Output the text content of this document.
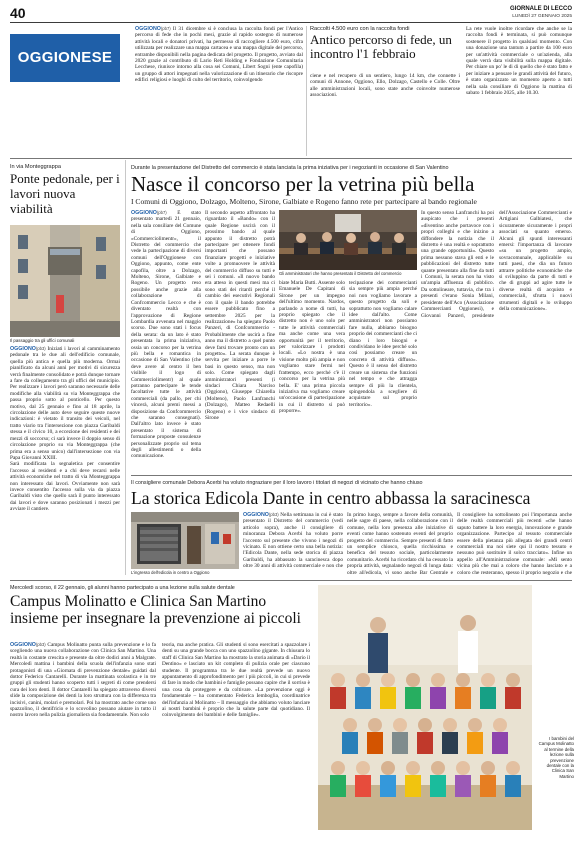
40	GIORNALE DI LECCO
LUNEDÌ 27 GENNAIO 2025
OGGIONESE
OGGIONO(pb7) Il 31 dicembre si è conclusa la raccolta fondi per l'Antico percorso di fede che in pochi mesi, grazie al rapido sostegno di numerose attività locali e donatori privati, ha permesso di raccogliere 4.500 euro, cifra utilizzata per realizzare una mappa cartacea e una mappa digitale del percorso, entrambe disponibili nella pagina dedicata del progetto. Il progetto, avviato dal 2020 grazie al contributo di Lario Reti Holding e Fondazione Comunitaria Lecchese, riunisce intorno alla cosa sei Comuni, Libert Sogni (ente capofila) un gruppo di attori impegnati nella valorizzazione di un itinerario che riscopre edifici religiosi e luoghi di culto del territorio, coinvolgendo
Raccolti 4.500 euro con la raccolta fondi
Antico percorso di fede, un incontro l'1 febbraio
ciene e nel recupero di un sentiero, lungo 14 km, che connette i comuni di Annone, Oggiono, Ello, Dolzago, Castello e Colle. Oltre alle amministrazioni locali, sono state anche coinvolte numerose associazioni.
La rete vuole inoltre ricordare che anche se la raccolta fondi è terminata, si può comunque sostenere il progetto in qualsiasi momento. Con una donazione una tantum a partire da 100 euro per un'attività commerciale o un'azienda, alla quale verrà data visibilità sulla mappa digitale. Per chiare un po' le di di quello che è stato fatto e per iniziare a pensare le grandi attività del futuro, è stato organizzato un momento aperto a tutti nella sala consiliare di Oggiono la mattina di sabato 1 febbraio 2025, alle 10.30.
In via Monteggrappa
Ponte pedonale, per i lavori nuova viabilità
Il passaggio tra gli uffici comunali
OGGIONO(pb3) Iniziati i lavori al camminamento pedonale tra le due ali dell'edificio comunale, quella più antica e quella più moderna. Ormai pianificato da alcuni anni per motivi di sicurezza verrà finalmente consolidato e potrà dunque tornare a fare da collegamento tra gli uffici del municipio. Per realizzare i lavori però saranno necessarie delle modifiche alla viabilità su via Monteggrappa che passa proprio sotto al ponticello. Per questo motivo, dal 25 gennaio e fino al 18 aprile, la circolazione delle auto deve seguire queste nuove indicazioni: è vietato il transito dei veicoli, nel tratto viario tra l'intersezione con piazza Garibaldi stessa e il civico 10, a eccezione dei residenti e dei mezzi di soccorso; ci sarà invece il doppio senso di circolazione proprio su via Monteggrappa (che prima era a senso unico) dall'intersezione con via Papa Giovanni XXIII.
Sarà modificata la segnaletica per consentire l'accesso ai residenti e a chi deve recarsi nelle attività economiche nel tratto di via Monteggrappa non interessato dai lavori. Ovviamente non sarà invece consentito l'accesso sulla via da piazza Garibaldi visto che quello sarà il punto interessato dai lavori e dove saranno posizionati i mezzi per avviare il cantiere.
Durante la presentazione del Distretto del commercio è stata lanciata la prima iniziativa per i negozianti in occasione di San Valentino
Nasce il concorso per la vetrina più bella
I Comuni di Oggiono, Dolzago, Molteno, Sirone, Galbiate e Rogeno fanno rete per partecipare al bando regionale
OGGIONO(pb7) È stato presentato martedì 21 gennaio, nella sala consiliare del Comune di Oggiono, «Commerciolimentr», il Distretto del commercio che vede la partecipazione di diversi comuni dell'Oggionese con Oggiono, appunto, come ente capofila, oltre a Dolzago, Molteno, Sirone, Galbiate e Rogeno. Un progetto reso possibile anche grazie alla collaborazione di Confcommercio Lecco e che è diventato realtà con l'approvazione di Regione Lombardia avvenuta nel maggio scorso. Due sono stati i focus della serata: da un lato è stato presentata la prima iniziativa, ossia un concorso per la vetrina più bella e romantica in occasione di San Valentino (che deve avere al centro il ben visibile il logo di Commerciolimentr) al quale potranno partecipare le tende facoltative tutte le attività commerciali (da pallo, per chi vincerà, alcuni premi messi a disposizione da Confcommercio che saranno consegnati). Dall'altro lato invece è stato presentato il sistema di formazione proposte consulenze personalizzate proprio sul tema degli allestimenti o della comunicazione.
Il secondo aspetto affrontato ha riguardato il «Bando» con il quale Regione uscirà con il prossimo bando al quale appunto il distretto potrà partecipare per ottenere fondi importanti che possano finanziare progetti e iniziative volte a promuovere le attività del commercio diffuso su tutti e sei i comuni. «Il nuovo bando era atteso in questi mesi ma ci sono stati dei ritardi perché il cambio dei esecutivi Regionali con il quale il bando potrebbe essere pubblicato fino a settembre 2025 per la realizzazione» ha spiegato Paolo Panzeri, di Confcommercio - Probabilmente che uscirà a fine anno ma il distretto a quel punto deve farsi trovare pronto con un progetto». La serata dunque è servita per iniziare a porre le basi in questo senso, ma non solo. Come spiegato dagli amministratori presenti (i sindaci Chiara Narciso (Oggiono), Giuseppe Chiarella (Molteno), Paolo Lanfranchi (Dolzago), Matteo Redaelli (Rogeno) e i vice sindaco di Sirone
Gli amministratori che hanno presentato il Distretto del commercio
biate Maria Butti. Assente solo Emanuele De Capitani di Sirone per un impegno dell'ultimo momento. Nardos, parlando a nome di tutti, ha proprio spiegato che il distretto non è uno solo per tutte le attività commerciali ma anche come una vera opportunità per il territorio, per valorizzare i prodotti locali. «Lo nostra è una visione molto più ampia e non vogliamo stare fermi nel frattempo, ecco perché c'è il concorso per la vetrina più bella. E' una prima piccola iniziativa ma vogliamo creare un'occasione di partecipazione in cui il distretto si può proporre».
tecipazione dei commercianti sia sempre più ampia perché noi non vogliamo lavorare a questo progetto da soli e soprattutto non vogliamo calare idee dall'alto. Come amministratori non possiamo fare nulla, abbiamo bisogno proprio dei commercianti che ci diano i loro bisogni e condividano le idee perché solo così possiamo creare un concreto di attività diffuso». Questo è il senso del distretto creare un sistema che funzioni nel tempo e che attragga sempre di più la clientela, spingendola a scegliere di acquistare sul proprio territorio».
In questo senso Lanfranchi ha poi auspicato che i presenti «diventino anche portavoce con i propri colleghi e che inizino a diffondere la notizia che il distretto è una realtà e soprattutto una grande opportunità». Questo prima nessuno stava gli enti e le pubblicazioni del distretto tutte quante presentato alla fine da tutti i Comuni, la serata non ha visto un'ampia affluenza di pubblico. Da sottolineare, tuttavia, che tra i presenti c'erano Sonia Milani, presidente dell'Aco (Associazione Commercianti Oggionesi), e Giovanni Panzeri, presidente dell'Associazione Commercianti e Artigiani Galbiatesi, che sicuramente sicuramente i propri associati su quanto emerso. Alcuni gli spunti interessanti emersi: l'importanza di lavorare «su un progetto ampio, sovracomunale, applicabile su tutti paesi, che dia un futuro attrarre politiche economiche che si sviluppino da parte di tutti e che di gruppi ad agire tutte le diverse realtà di acquisto e commerciali, sfrutta i nuovi strumenti digitali e lo sviluppo della comunicazione».
Il consigliere comunale Debora Acerbi ha voluto ringraziare per il loro lavoro i titolari di negozi di vicinato che hanno chiuso
La storica Edicola Dante in centro abbassa la saracinesca
L'ingresso dell'edicola in centro a Oggiono
OGGIONO(pb3) Nella settimana in cui è stato presentato il Distretto del commercio (vedi articolo sopra), anche il consigliere di minoranza Debora Acerbi ha voluto porre l'accento sul presente che vivono i negozi di vicinato. E non ottiene certo una bella notizia: l'Edicola Dante, nella sede storica di piazza Garibaldi, ha abbassato la saracinesca dopo oltre 30 anni di attività commerciale e non che
In primo luogo, sempre a favore della comunità, nelle sagre di paese, nella collaborazione con il comune, nella loro presenza alle iniziative di eventi come hanno sostenuto eventi del proprio progetto del commercio. Sempre presenti di fatto un semplice chiosco, quella ricchissima e benefica del tessuto sociale, particolarmente comunitario. Acerbi ha ricordato chi ha cessato la propria attività, segnalando negozi di lunga data: oltre all'edicola, vi sono anche Bar Centrale e
Il consigliere ha sottolineato poi l'importanza anche delle realtà commerciali più recenti «che hanno saputo battere la loro energia, innovazione e grande organizzazione. Partecipo al tessuto commerciale essere della pietanza più allegata dei grandi centri commerciali ma noi siete qui il nostro tessuto e nessuno può sostituire il solco tracciato». Infine un appello all'Amministrazione comunale: «Mi sento vicina più che mai a coloro che hanno lasciato e a coloro che resteranno, spesso il proprio negozio e che
Mercoledì scorso, il 22 gennaio, gli alunni hanno partecipato a una lezione sulla salute dentale
Campus Molinatto e Clinica San Martino insieme per insegnare la prevenzione ai piccoli
OGGIONO(pb3) Campus Molinatto punta sulla prevenzione e lo fa scegliendo una nuova collaborazione con Clinica San Martino. Una realtà in costante crescita e presente da oltre dodici anni a Malgrate. Mercoledì mattina i bambini della scuola dell'infanzia sono stati protagonisti di una «Giornata di prevenzione dentale» guidati dal dottor Federico Cantarelli. Durante la mattinata scolastica e in tre gruppi gli studenti hanno scoperto tutti i segreti di come prendersi cura dei loro denti. Il dottor Cantarelli ha spiegato attraverso diversi slide la composizione dei denti la loro struttura con la differenza tra incisivi, canini, molari e premolari. Poi ha mostrato anche come uno spazzolino, il dentifricio e lo scovolino possano aiutare in tutto il nostro lavoro nella pulizia giornaliera sia fondamentale. Non solo
teoria, ma anche pratica. Gli studenti si sono esercitati a spazzolare i denti su una grande bocca con uno spazzolino gigante. In chiusura lo staff di Clinica San Martino ha mostrato la storia animata di «Dario il Dentino» e lasciato un kit completo di pulizia orale per ciascuno studente. Il programma tra le due realtà prevede un nuovo appuntamento di approfondimento per i più piccoli, in cui si prevede di fare in modo che bambini e famiglie possano capire che il sorriso è una cosa da proteggere e da coltivare. «La prevenzione oggi è fondamentale – ha commentato Federica Iemboglia, coordinatrice dell'infanzia al Molinatto – Il messaggio che abbiamo voluto lanciare ai nostri bambini è proprio che la salute parte dal quotidiano. Il coinvolgimento dei bambini e delle famiglie».
I bambini del Campus Molinatto al termine della lezione sulla prevenzione dentale con la Clinica San Martino
